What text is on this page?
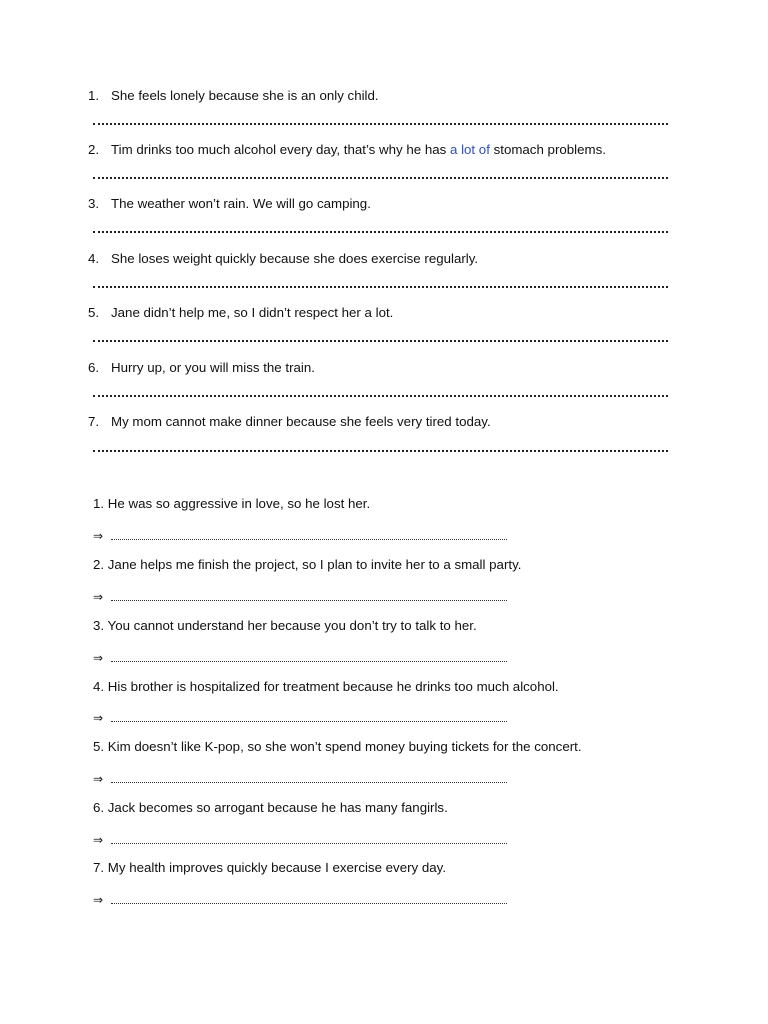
1. She feels lonely because she is an only child.
2. Tim drinks too much alcohol every day, that’s why he has a lot of stomach problems.
3. The weather won’t rain. We will go camping.
4. She loses weight quickly because she does exercise regularly.
5. Jane didn’t help me, so I didn’t respect her a lot.
6. Hurry up, or you will miss the train.
7. My mom cannot make dinner because she feels very tired today.
1. He was so aggressive in love, so he lost her.
⇒
2. Jane helps me finish the project, so I plan to invite her to a small party.
⇒
3. You cannot understand her because you don’t try to talk to her.
⇒
4. His brother is hospitalized for treatment because he drinks too much alcohol.
⇒
5. Kim doesn’t like K-pop, so she won’t spend money buying tickets for the concert.
⇒
6. Jack becomes so arrogant because he has many fangirls.
⇒
7. My health improves quickly because I exercise every day.
⇒
